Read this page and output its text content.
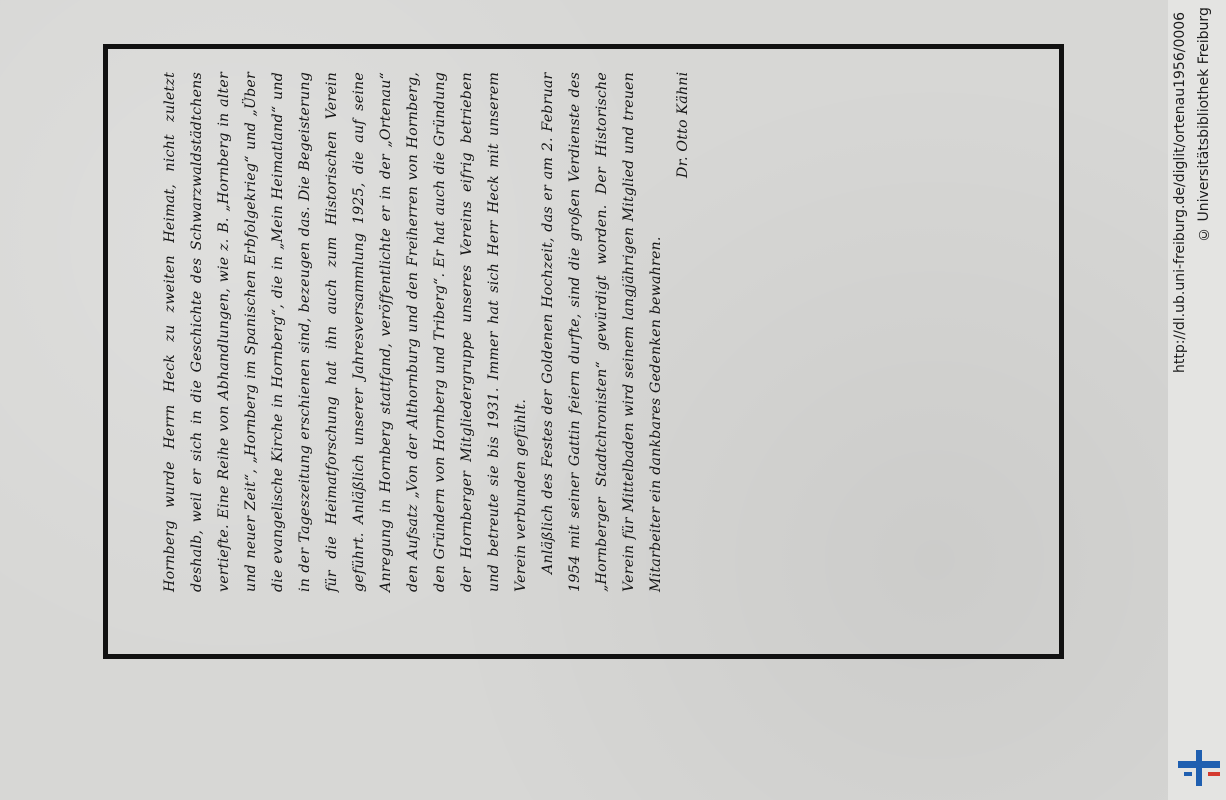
Hornberg wurde Herrn Heck zu zweiten Heimat, nicht zuletzt deshalb, weil er sich in die Geschichte des Schwarzwaldstädtchens vertiefte. Eine Reihe von Abhandlungen, wie z. B. „Hornberg in alter und neuer Zeit“, „Hornberg im Spanischen Erbfolgekrieg“ und „Über die evangelische Kirche in Hornberg“, die in „Mein Heimatland“ und in der Tageszeitung erschienen sind, bezeugen das. Die Begeisterung für die Heimatforschung hat ihn auch zum Historischen Verein geführt. Anläßlich unserer Jahresversammlung 1925, die auf seine Anregung in Hornberg stattfand, veröffentlichte er in der „Ortenau“ den Aufsatz „Von der Althornburg und den Freiherren von Hornberg, den Gründern von Hornberg und Triberg“. Er hat auch die Gründung der Hornberger Mitgliedergruppe unseres Vereins eifrig betrieben und betreute sie bis 1931. Immer hat sich Herr Heck mit unserem Verein verbunden gefühlt. Anläßlich des Festes der Goldenen Hochzeit, das er am 2. Februar 1954 mit seiner Gattin feiern durfte, sind die großen Verdienste des „Hornberger Stadtchronisten“ gewürdigt worden. Der Historische Verein für Mittelbaden wird seinem langjährigen Mitglied und treuen Mitarbeiter ein dankbares Gedenken bewahren.

Dr. Otto Kähni	http://dl.ub.uni-freiburg.de/diglit/ortenau1956/0006 © Universitätsbibliothek Freiburg
